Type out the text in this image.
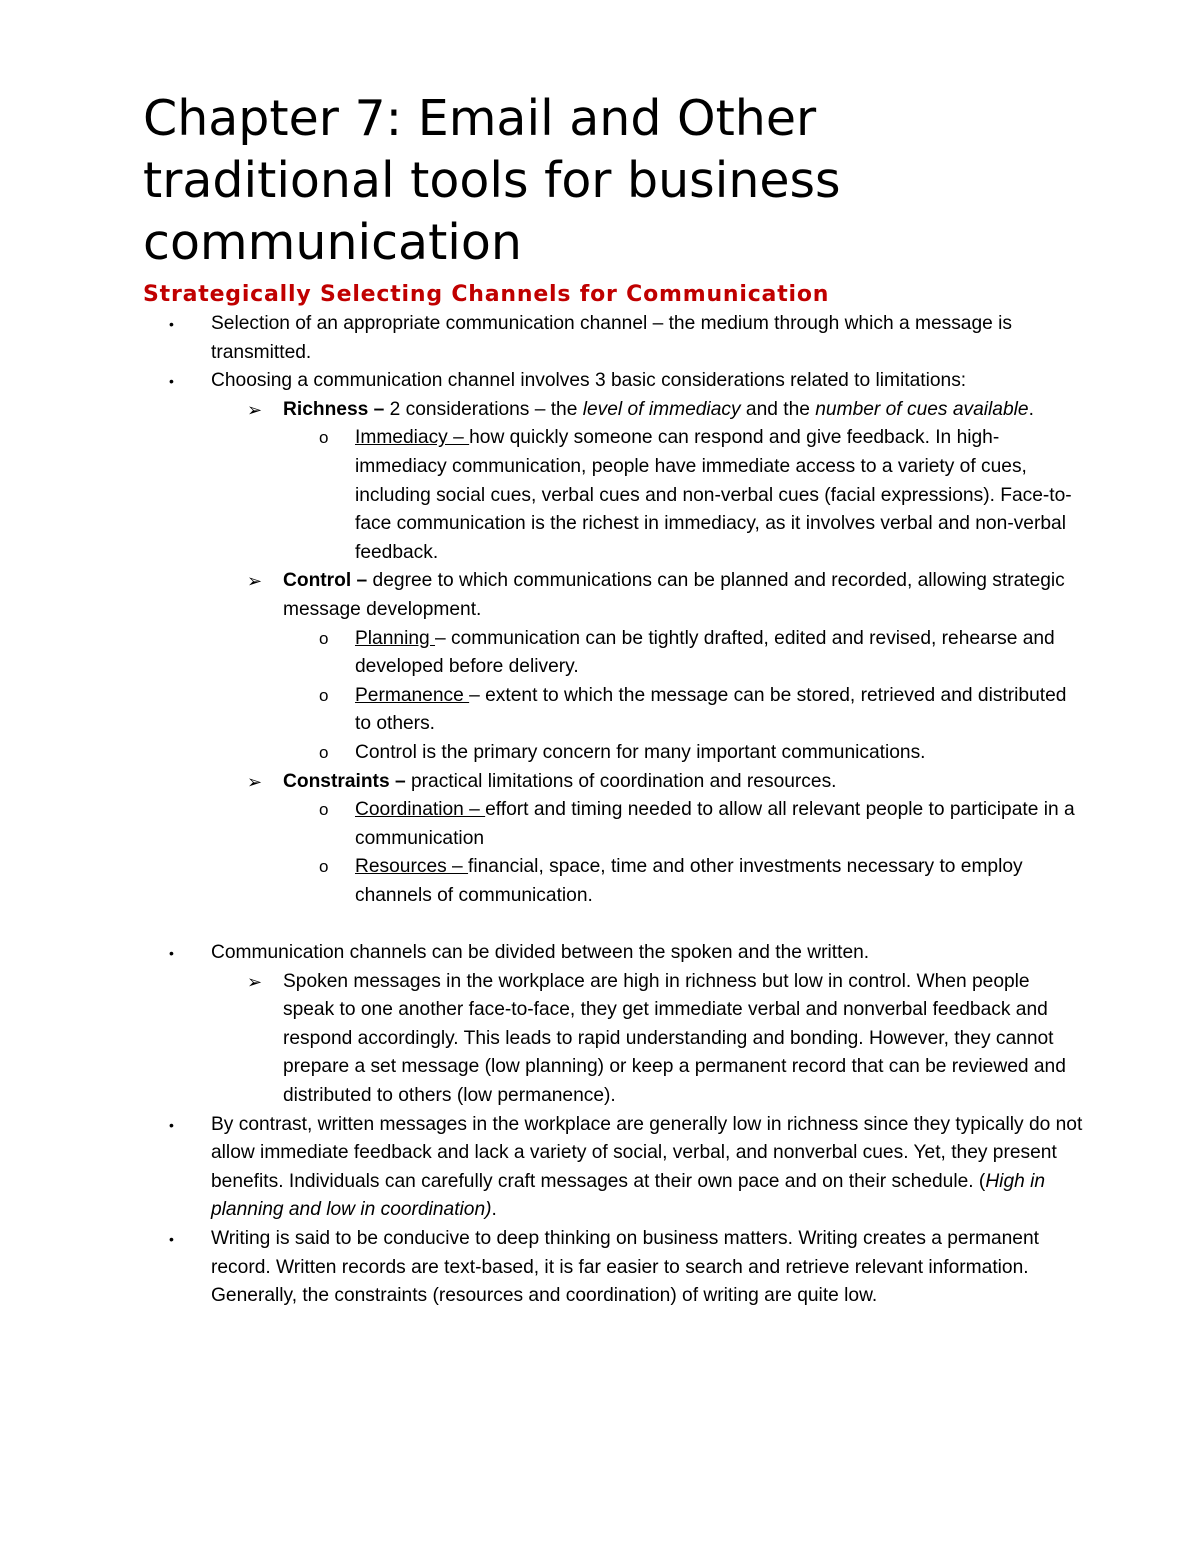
Chapter 7: Email and Other traditional tools for business communication
Strategically Selecting Channels for Communication
• Selection of an appropriate communication channel – the medium through which a message is transmitted.
• Choosing a communication channel involves 3 basic considerations related to limitations:
➢ Richness – 2 considerations – the level of immediacy and the number of cues available.
o Immediacy – how quickly someone can respond and give feedback. In high-immediacy communication, people have immediate access to a variety of cues, including social cues, verbal cues and non-verbal cues (facial expressions). Face-to-face communication is the richest in immediacy, as it involves verbal and non-verbal feedback.
➢ Control – degree to which communications can be planned and recorded, allowing strategic message development.
o Planning – communication can be tightly drafted, edited and revised, rehearse and developed before delivery.
o Permanence – extent to which the message can be stored, retrieved and distributed to others.
o Control is the primary concern for many important communications.
➢ Constraints – practical limitations of coordination and resources.
o Coordination – effort and timing needed to allow all relevant people to participate in a communication
o Resources – financial, space, time and other investments necessary to employ channels of communication.
• Communication channels can be divided between the spoken and the written.
➢ Spoken messages in the workplace are high in richness but low in control. When people speak to one another face-to-face, they get immediate verbal and nonverbal feedback and respond accordingly. This leads to rapid understanding and bonding. However, they cannot prepare a set message (low planning) or keep a permanent record that can be reviewed and distributed to others (low permanence).
• By contrast, written messages in the workplace are generally low in richness since they typically do not allow immediate feedback and lack a variety of social, verbal, and nonverbal cues. Yet, they present benefits. Individuals can carefully craft messages at their own pace and on their schedule. (High in planning and low in coordination).
• Writing is said to be conducive to deep thinking on business matters. Writing creates a permanent record. Written records are text-based, it is far easier to search and retrieve relevant information. Generally, the constraints (resources and coordination) of writing are quite low.
